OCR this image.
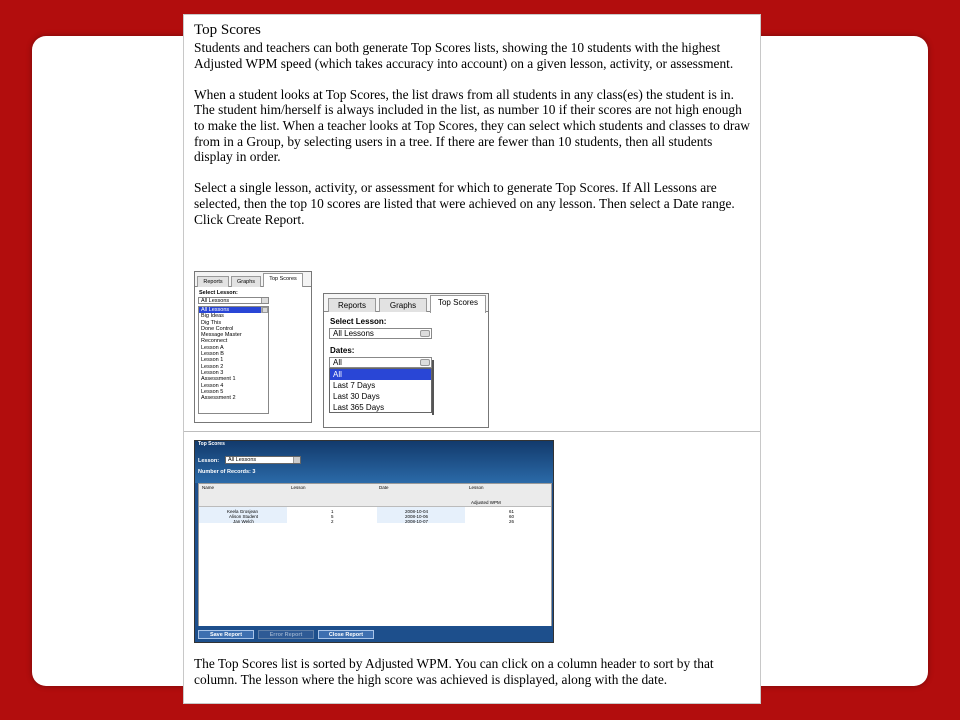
Top Scores

Students and teachers can both generate Top Scores lists, showing the 10 students with the highest Adjusted WPM speed (which takes accuracy into account) on a given lesson, activity, or assessment.

When a student looks at Top Scores, the list draws from all students in any class(es) the student is in. The student him/herself is always included in the list, as number 10 if their scores are not high enough to make the list. When a teacher looks at Top Scores, they can select which students and classes to draw from in a Group, by selecting users in a tree. If there are fewer than 10 students, then all students display in order.

Select a single lesson, activity, or assessment for which to generate Top Scores. If All Lessons are selected, then the top 10 scores are listed that were achieved on any lesson. Then select a Date range. Click Create Report.

Reports	Graphs	Top Scores
Select Lesson:
All Lessons
All Lessons
Big Ideas
Dig This
Done Control
Message Master
Reconnect
Lesson A
Lesson B
Lesson 1
Lesson 2
Lesson 3
Assessment 1
Lesson 4
Lesson 5
Assessment 2
Reports	Graphs	Top Scores
Select Lesson:
All Lessons
Dates:
All
All
Last 7 Days
Last 30 Days
Last 365 Days
Top Scores
Lesson:	All Lessons
Number of Records: 3
Name	Lesson	Date	Lesson
Adjusted WPM
Keela Grosjean	1	2008-10-04	61
Alison Student	5	2008-10-06	60
Jan Welch	2	2008-10-07	26
Save Report	Error Report	Close Report
The Top Scores list is sorted by Adjusted WPM. You can click on a column header to sort by that column. The lesson where the high score was achieved is displayed, along with the date.
